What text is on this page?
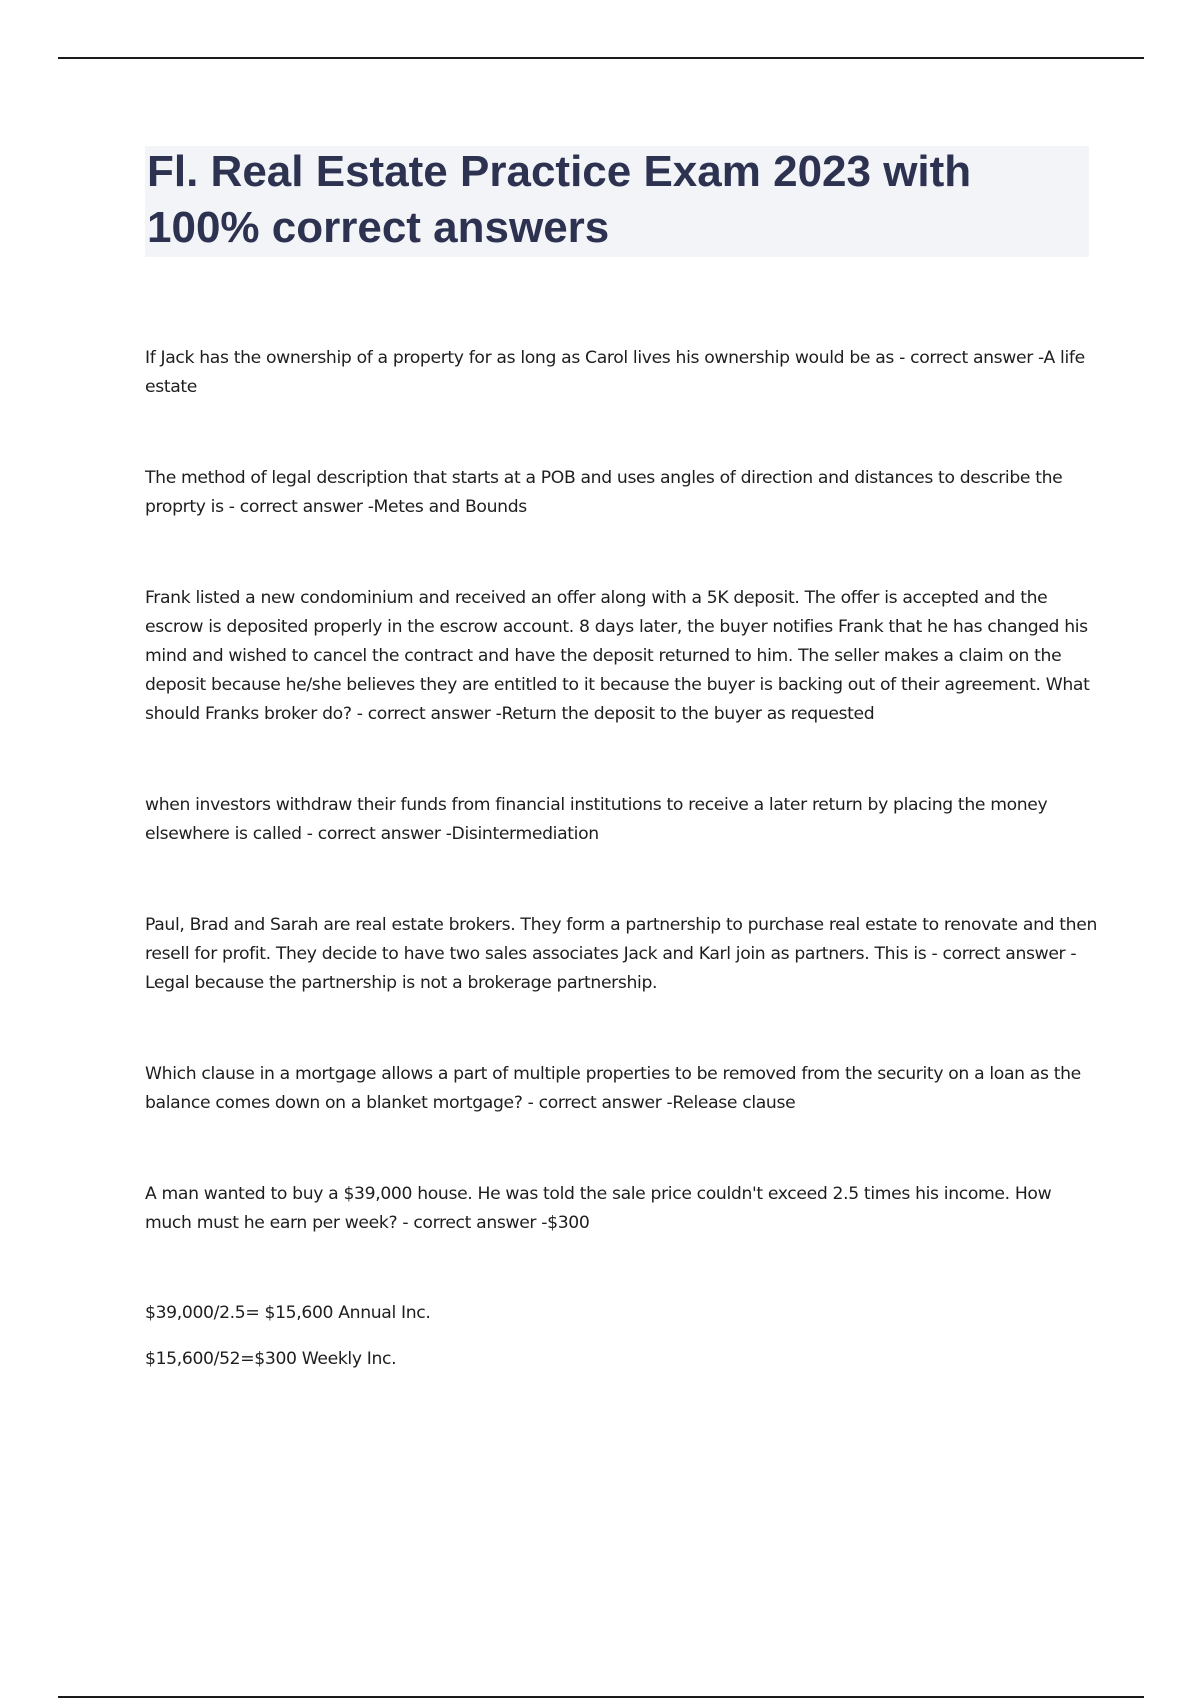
Fl. Real Estate Practice Exam 2023 with 100% correct answers

If Jack has the ownership of a property for as long as Carol lives his ownership would be as - correct answer -A life estate

The method of legal description that starts at a POB and uses angles of direction and distances to describe the proprty is - correct answer -Metes and Bounds

Frank listed a new condominium and received an offer along with a 5K deposit. The offer is accepted and the escrow is deposited properly in the escrow account. 8 days later, the buyer notifies Frank that he has changed his mind and wished to cancel the contract and have the deposit returned to him. The seller makes a claim on the deposit because he/she believes they are entitled to it because the buyer is backing out of their agreement. What should Franks broker do? - correct answer -Return the deposit to the buyer as requested

when investors withdraw their funds from financial institutions to receive a later return by placing the money elsewhere is called - correct answer -Disintermediation

Paul, Brad and Sarah are real estate brokers. They form a partnership to purchase real estate to renovate and then resell for profit. They decide to have two sales associates Jack and Karl join as partners. This is - correct answer -Legal because the partnership is not a brokerage partnership.

Which clause in a mortgage allows a part of multiple properties to be removed from the security on a loan as the balance comes down on a blanket mortgage? - correct answer -Release clause

A man wanted to buy a $39,000 house. He was told the sale price couldn't exceed 2.5 times his income. How much must he earn per week? - correct answer -$300

$39,000/2.5= $15,600 Annual Inc.

$15,600/52=$300 Weekly Inc.
